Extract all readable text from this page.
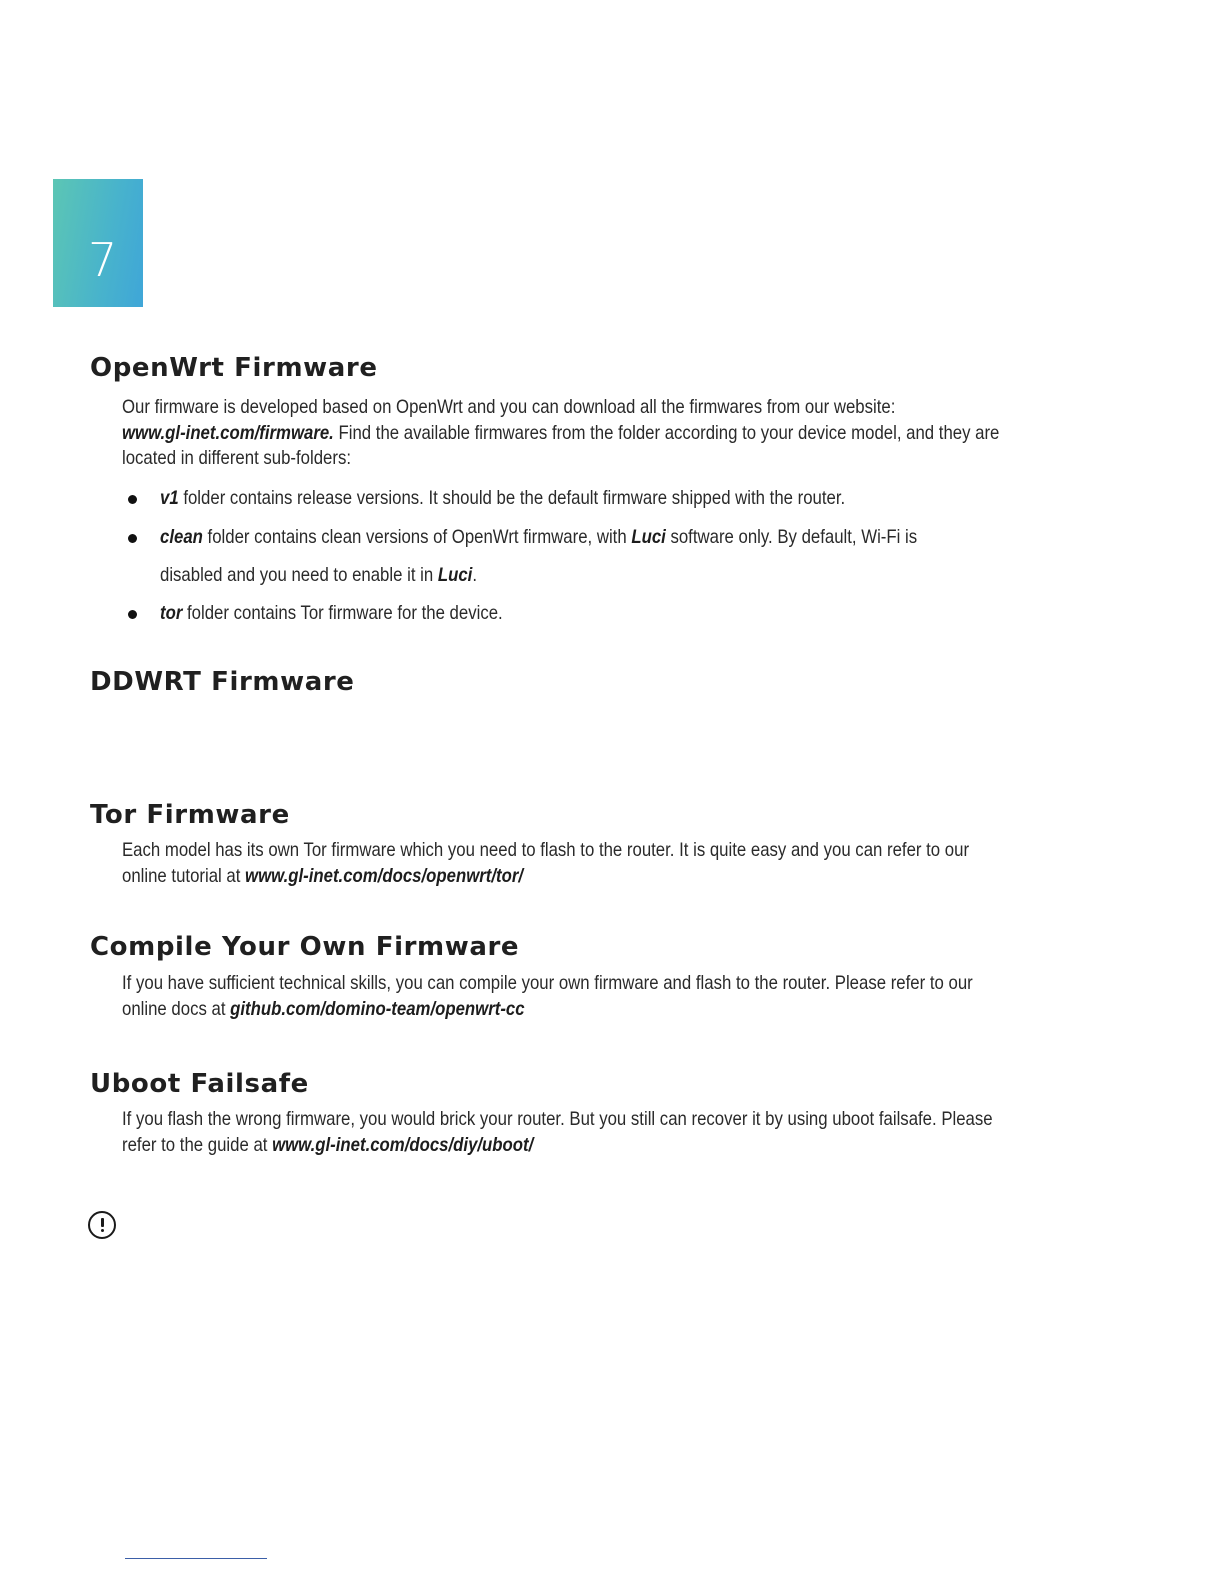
7
OpenWrt Firmware

Our firmware is developed based on OpenWrt and you can download all the firmwares from our website:
www.gl-inet.com/firmware. Find the available firmwares from the folder according to your device model, and they are
located in different sub-folders:

v1 folder contains release versions. It should be the default firmware shipped with the router.
clean folder contains clean versions of OpenWrt firmware, with Luci software only. By default, Wi-Fi is
disabled and you need to enable it in Luci.
tor folder contains Tor firmware for the device.
DDWRT Firmware
Tor Firmware

Each model has its own Tor firmware which you need to flash to the router. It is quite easy and you can refer to our
online tutorial at www.gl-inet.com/docs/openwrt/tor/

Compile Your Own Firmware

If you have sufficient technical skills, you can compile your own firmware and flash to the router. Please refer to our
online docs at github.com/domino-team/openwrt-cc

Uboot Failsafe

If you flash the wrong firmware, you would brick your router. But you still can recover it by using uboot failsafe. Please
refer to the guide at www.gl-inet.com/docs/diy/uboot/
